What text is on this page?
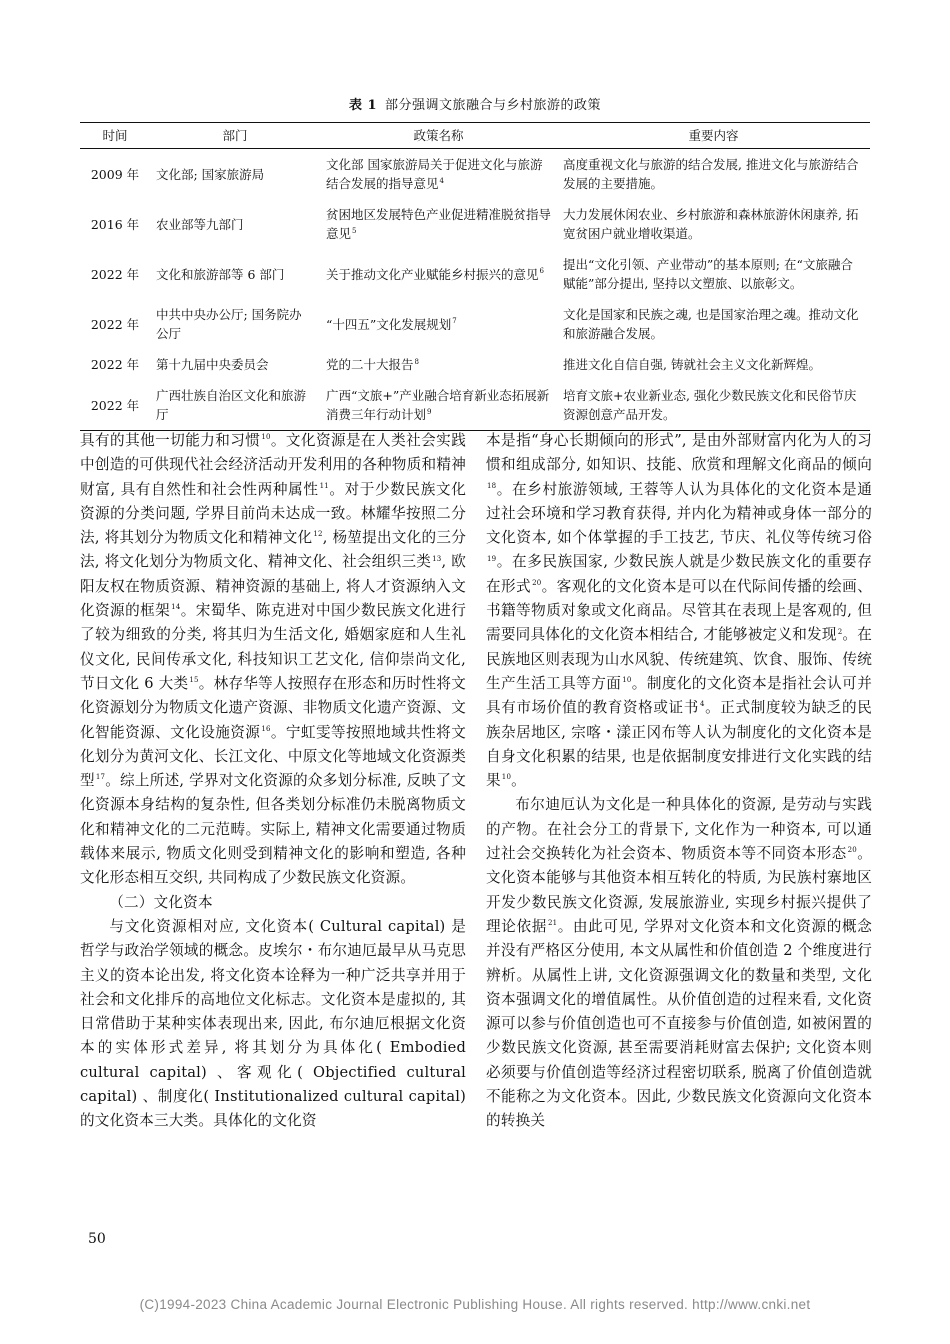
表 1 部分强调文旅融合与乡村旅游的政策
时间	部门	政策名称	重要内容
2009 年	文化部; 国家旅游局	文化部 国家旅游局关于促进文化与旅游结合发展的指导意见$^4$	高度重视文化与旅游的结合发展, 推进文化与旅游结合发展的主要措施。
2016 年	农业部等九部门	贫困地区发展特色产业促进精准脱贫指导意见$^5$	大力发展休闲农业、乡村旅游和森林旅游休闲康养, 拓宽贫困户就业增收渠道。
2022 年	文化和旅游部等 6 部门	关于推动文化产业赋能乡村振兴的意见$^6$	提出“文化引领、产业带动”的基本原则; 在“文旅融合赋能”部分提出, 坚持以文塑旅、以旅彰文。
2022 年	中共中央办公厅; 国务院办公厅	“十四五”文化发展规划$^7$	文化是国家和民族之魂, 也是国家治理之魂。推动文化和旅游融合发展。
2022 年	第十九届中央委员会	党的二十大报告$^8$	推进文化自信自强, 铸就社会主义文化新辉煌。
2022 年	广西壮族自治区文化和旅游厅	广西“文旅+”产业融合培育新业态拓展新消费三年行动计划$^9$	培育文旅+农业新业态, 强化少数民族文化和民俗节庆资源创意产品开发。

具有的其他一切能力和习惯$^{10}$。文化资源是在人类社会实践中创造的可供现代社会经济活动开发利用的各种物质和精神财富, 具有自然性和社会性两种属性$^{11}$。对于少数民族文化资源的分类问题, 学界目前尚未达成一致。林耀华按照二分法, 将其划分为物质文化和精神文化$^{12}$, 杨堃提出文化的三分法, 将文化划分为物质文化、精神文化、社会组织三类$^{13}$, 欧阳友权在物质资源、精神资源的基础上, 将人才资源纳入文化资源的框架$^{14}$。宋蜀华、陈克进对中国少数民族文化进行了较为细致的分类, 将其归为生活文化, 婚姻家庭和人生礼仪文化, 民间传承文化, 科技知识工艺文化, 信仰崇尚文化, 节日文化 6 大类$^{15}$。林存华等人按照存在形态和历时性将文化资源划分为物质文化遗产资源、非物质文化遗产资源、文化智能资源、文化设施资源$^{16}$。宁虹雯等按照地域共性将文化划分为黄河文化、长江文化、中原文化等地域文化资源类型$^{17}$。综上所述, 学界对文化资源的众多划分标准, 反映了文化资源本身结构的复杂性, 但各类划分标准仍未脱离物质文化和精神文化的二元范畴。实际上, 精神文化需要通过物质载体来展示, 物质文化则受到精神文化的影响和塑造, 各种文化形态相互交织, 共同构成了少数民族文化资源。

（二）文化资本

与文化资源相对应, 文化资本( Cultural capital) 是哲学与政治学领域的概念。皮埃尔・布尔迪厄最早从马克思主义的资本论出发, 将文化资本诠释为一种广泛共享并用于社会和文化排斥的高地位文化标志。文化资本是虚拟的, 其日常借助于某种实体表现出来, 因此, 布尔迪厄根据文化资本的实体形式差异, 将其划分为具体化( Embodied cultural capital) 、客观化( Objectified cultural capital) 、制度化( Institutionalized cultural capital) 的文化资本三大类。具体化的文化资

本是指“身心长期倾向的形式”, 是由外部财富内化为人的习惯和组成部分, 如知识、技能、欣赏和理解文化商品的倾向$^{18}$。在乡村旅游领域, 王蓉等人认为具体化的文化资本是通过社会环境和学习教育获得, 并内化为精神或身体一部分的文化资本, 如个体掌握的手工技艺, 节庆、礼仪等传统习俗$^{19}$。在多民族国家, 少数民族人就是少数民族文化的重要存在形式$^{20}$。客观化的文化资本是可以在代际间传播的绘画、书籍等物质对象或文化商品。尽管其在表现上是客观的, 但需要同具体化的文化资本相结合, 才能够被定义和发现$^2$。在民族地区则表现为山水风貌、传统建筑、饮食、服饰、传统生产生活工具等方面$^{10}$。制度化的文化资本是指社会认可并具有市场价值的教育资格或证书$^4$。正式制度较为缺乏的民族杂居地区, 宗喀・漾正冈布等人认为制度化的文化资本是自身文化积累的结果, 也是依据制度安排进行文化实践的结果$^{10}$。

布尔迪厄认为文化是一种具体化的资源, 是劳动与实践的产物。在社会分工的背景下, 文化作为一种资本, 可以通过社会交换转化为社会资本、物质资本等不同资本形态$^{20}$。文化资本能够与其他资本相互转化的特质, 为民族村寨地区开发少数民族文化资源, 发展旅游业, 实现乡村振兴提供了理论依据$^{21}$。由此可见, 学界对文化资本和文化资源的概念并没有严格区分使用, 本文从属性和价值创造 2 个维度进行辨析。从属性上讲, 文化资源强调文化的数量和类型, 文化资本强调文化的增值属性。从价值创造的过程来看, 文化资源可以参与价值创造也可不直接参与价值创造, 如被闲置的少数民族文化资源, 甚至需要消耗财富去保护; 文化资本则必须要与价值创造等经济过程密切联系, 脱离了价值创造就不能称之为文化资本。因此, 少数民族文化资源向文化资本的转换关

50
(C)1994-2023 China Academic Journal Electronic Publishing House. All rights reserved. http://www.cnki.net
